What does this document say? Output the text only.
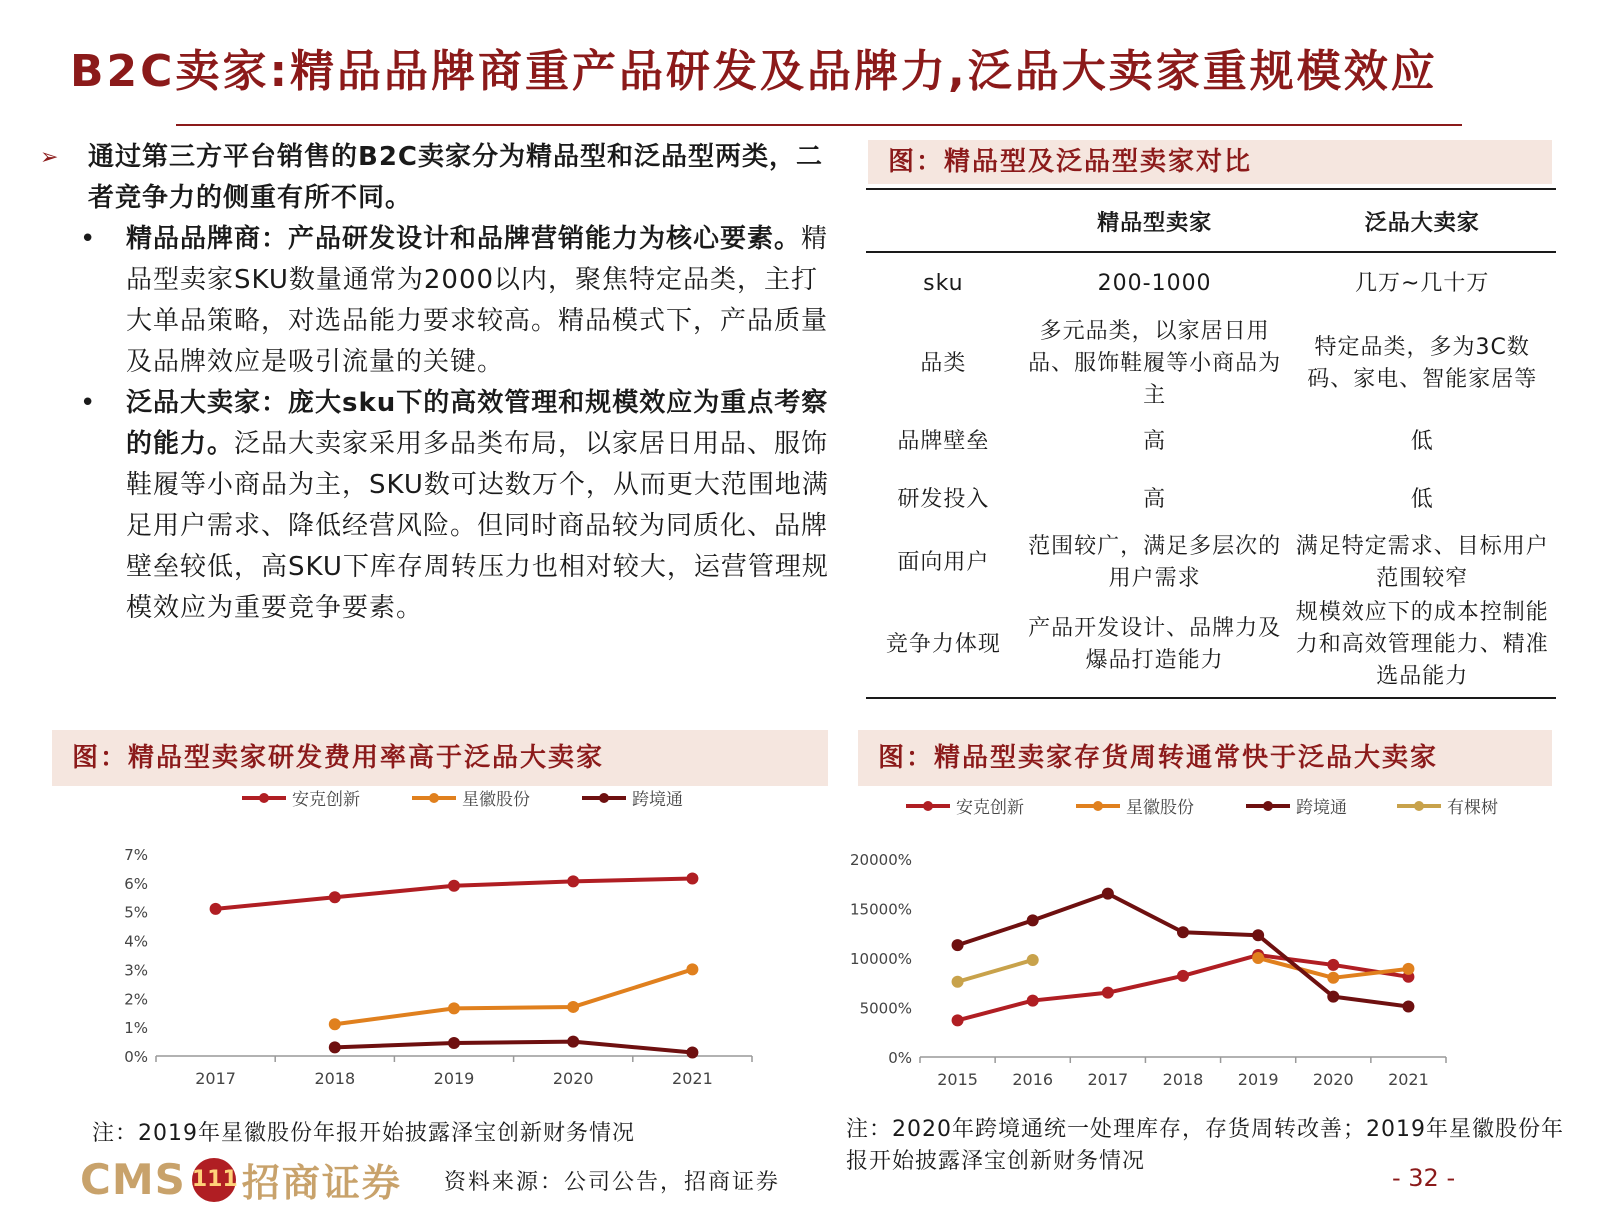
B2C卖家:精品品牌商重产品研发及品牌力,泛品大卖家重规模效应
➢ 通过第三方平台销售的B2C卖家分为精品型和泛品型两类，二者竞争力的侧重有所不同。
• 精品品牌商：产品研发设计和品牌营销能力为核心要素。精品型卖家SKU数量通常为2000以内，聚焦特定品类，主打大单品策略，对选品能力要求较高。精品模式下，产品质量及品牌效应是吸引流量的关键。
• 泛品大卖家：庞大sku下的高效管理和规模效应为重点考察的能力。泛品大卖家采用多品类布局，以家居日用品、服饰鞋履等小商品为主，SKU数可达数万个，从而更大范围地满足用户需求、降低经营风险。但同时商品较为同质化、品牌壁垒较低，高SKU下库存周转压力也相对较大，运营管理规模效应为重要竞争要素。
图：精品型及泛品型卖家对比
	精品型卖家	泛品大卖家
sku	200-1000	几万~几十万
品类	多元品类，以家居日用品、服饰鞋履等小商品为主	特定品类，多为3C数码、家电、智能家居等
品牌壁垒	高	低
研发投入	高	低
面向用户	范围较广，满足多层次的用户需求	满足特定需求、目标用户范围较窄
竞争力体现	产品开发设计、品牌力及爆品打造能力	规模效应下的成本控制能力和高效管理能力、精准选品能力
图：精品型卖家研发费用率高于泛品大卖家	图：精品型卖家存货周转通常快于泛品大卖家
安克创新	星徽股份	跨境通
0%
1%
2%
3%
4%
5%
6%
7%
2017	2018	2019	2020	2021
安克创新	星徽股份	跨境通	有棵树
0%
5000%
10000%
15000%
20000%
2015 2016 2017 2018 2019 2020 2021
注：2019年星徽股份年报开始披露泽宝创新财务情况	注：2020年跨境通统一处理库存，存货周转改善；2019年星徽股份年报开始披露泽宝创新财务情况
CMS 111 招商证券 资料来源：公司公告，招商证券	- 32 -
